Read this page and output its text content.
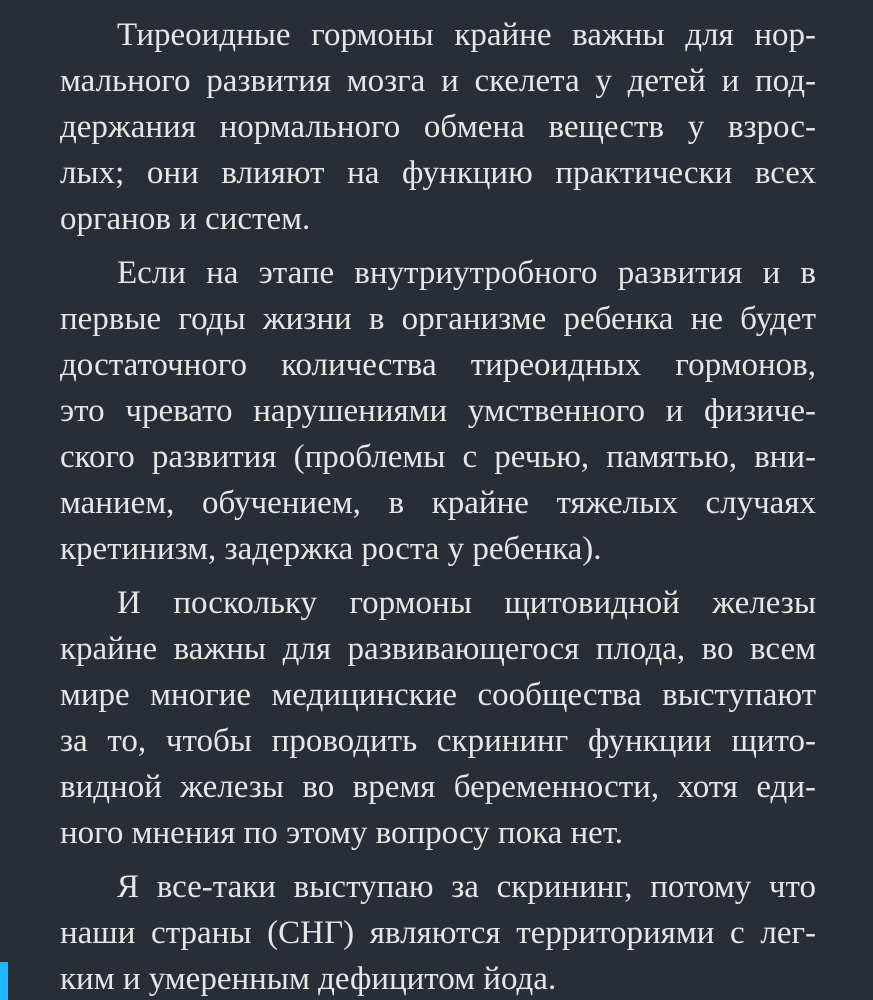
Тиреоидные гормоны крайне важны для нор-
мального развития мозга и скелета у детей и под-
держания нормального обмена веществ у взрос-
лых; они влияют на функцию практически всех
органов и систем.

Если на этапе внутриутробного развития и в
первые годы жизни в организме ребенка не будет
достаточного количества тиреоидных гормонов,
это чревато нарушениями умственного и физиче-
ского развития (проблемы с речью, памятью, вни-
манием, обучением, в крайне тяжелых случаях
кретинизм, задержка роста у ребенка).

И поскольку гормоны щитовидной железы
крайне важны для развивающегося плода, во всем
мире многие медицинские сообщества выступают
за то, чтобы проводить скрининг функции щито-
видной железы во время беременности, хотя еди-
ного мнения по этому вопросу пока нет.

Я все-таки выступаю за скрининг, потому что
наши страны (СНГ) являются территориями с лег-
ким и умеренным дефицитом йода.
